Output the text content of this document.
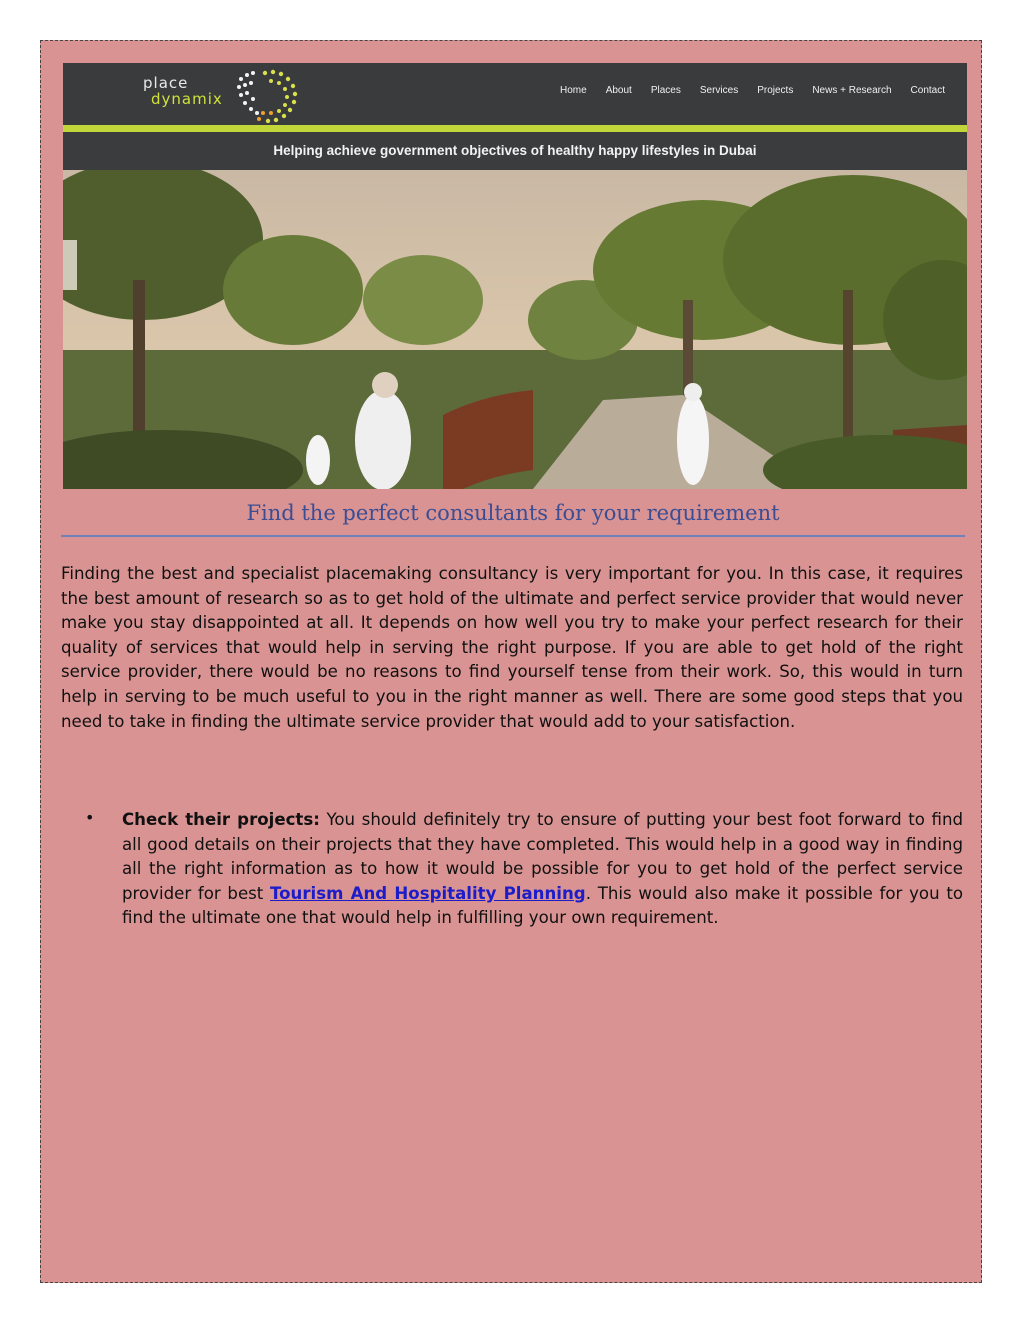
place
dynamix	Home About Places Services Projects News + Research Contact
Helping achieve government objectives of healthy happy lifestyles in Dubai
Find the perfect consultants for your requirement
Finding the best and specialist placemaking consultancy is very important for you. In this case, it requires the best amount of research so as to get hold of the ultimate and perfect service provider that would never make you stay disappointed at all. It depends on how well you try to make your perfect research for their quality of services that would help in serving the right purpose. If you are able to get hold of the right service provider, there would be no reasons to find yourself tense from their work. So, this would in turn help in serving to be much useful to you in the right manner as well. There are some good steps that you need to take in finding the ultimate service provider that would add to your satisfaction.
• Check their projects: You should definitely try to ensure of putting your best foot forward to find all good details on their projects that they have completed. This would help in a good way in finding all the right information as to how it would be possible for you to get hold of the perfect service provider for best Tourism And Hospitality Planning. This would also make it possible for you to find the ultimate one that would help in fulfilling your own requirement.
